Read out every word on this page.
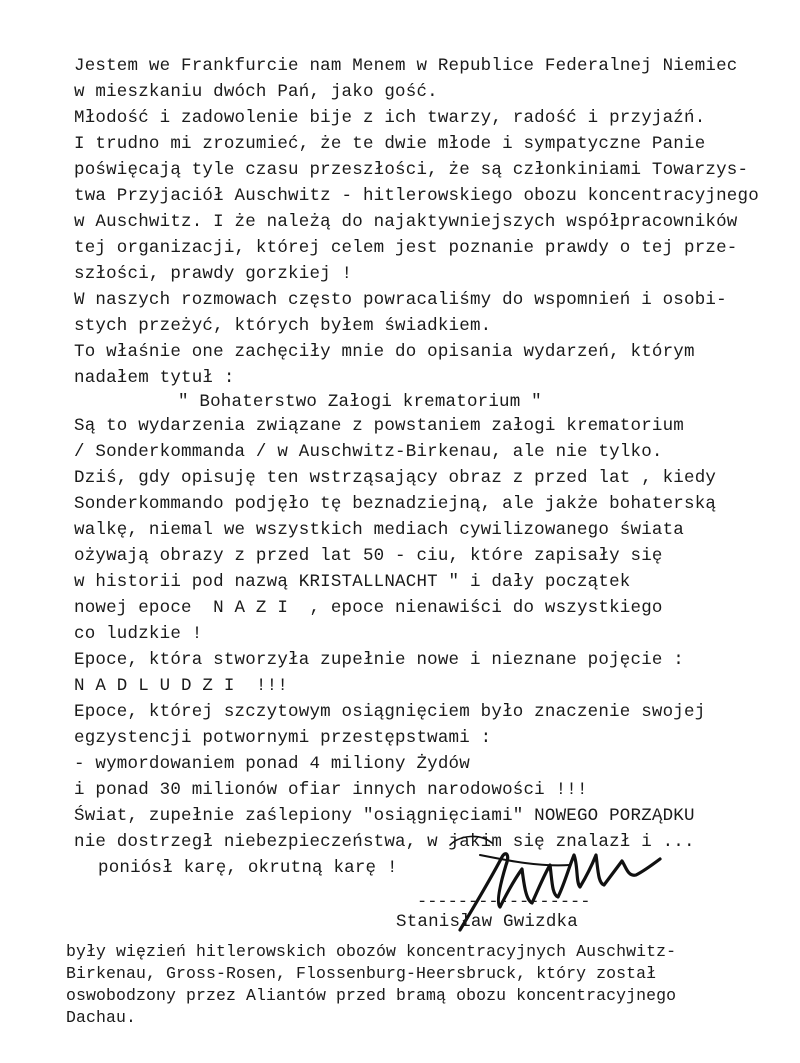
Jestem we Frankfurcie nam Menem w Republice Federalnej Niemiec
w mieszkaniu dwóch Pań, jako gość.
Młodość i zadowolenie bije z ich twarzy, radość i przyjaźń.
I trudno mi zrozumieć, że te dwie młode i sympatyczne Panie
poświęcają tyle czasu przeszłości, że są członkiniami Towarzys-
twa Przyjaciół Auschwitz - hitlerowskiego obozu koncentracyjnego
w Auschwitz. I że należą do najaktywniejszych współpracowników
tej organizacji, której celem jest poznanie prawdy o tej prze-
szłości, prawdy gorzkiej !
W naszych rozmowach często powracaliśmy do wspomnień i osobi-
stych przeżyć, których byłem świadkiem.
To właśnie one zachęciły mnie do opisania wydarzeń, którym
nadałem tytuł :
" Bohaterstwo Załogi krematorium "
Są to wydarzenia związane z powstaniem załogi krematorium
/ Sonderkommanda / w Auschwitz-Birkenau, ale nie tylko.
Dziś, gdy opisuję ten wstrząsający obraz z przed lat , kiedy
Sonderkommando podjęło tę beznadziejną, ale jakże bohaterską
walkę, niemal we wszystkich mediach cywilizowanego świata
ożywają obrazy z przed lat 50 - ciu, które zapisały się
w historii pod nazwą KRISTALLNACHT " i dały początek
nowej epoce  N A Z I  , epoce nienawiści do wszystkiego
co ludzkie !
Epoce, która stworzyła zupełnie nowe i nieznane pojęcie :
N A D L U D Z I  !!!
Epoce, której szczytowym osiągnięciem było znaczenie swojej
egzystencji potwornymi przestępstwami :
- wymordowaniem ponad 4 miliony Żydów
i ponad 30 milionów ofiar innych narodowości !!!
Świat, zupełnie zaślepiony "osiągnięciami" NOWEGO PORZĄDKU
nie dostrzegł niebezpieczeństwa, w jakim się znalazł i ...
poniósł karę, okrutną karę !
-----------------
Stanisław Gwizdka
były więzień hitlerowskich obozów koncentracyjnych Auschwitz-
Birkenau, Gross-Rosen, Flossenburg-Heersbruck, który został
oswobodzony przez Aliantów przed bramą obozu koncentracyjnego
Dachau.
